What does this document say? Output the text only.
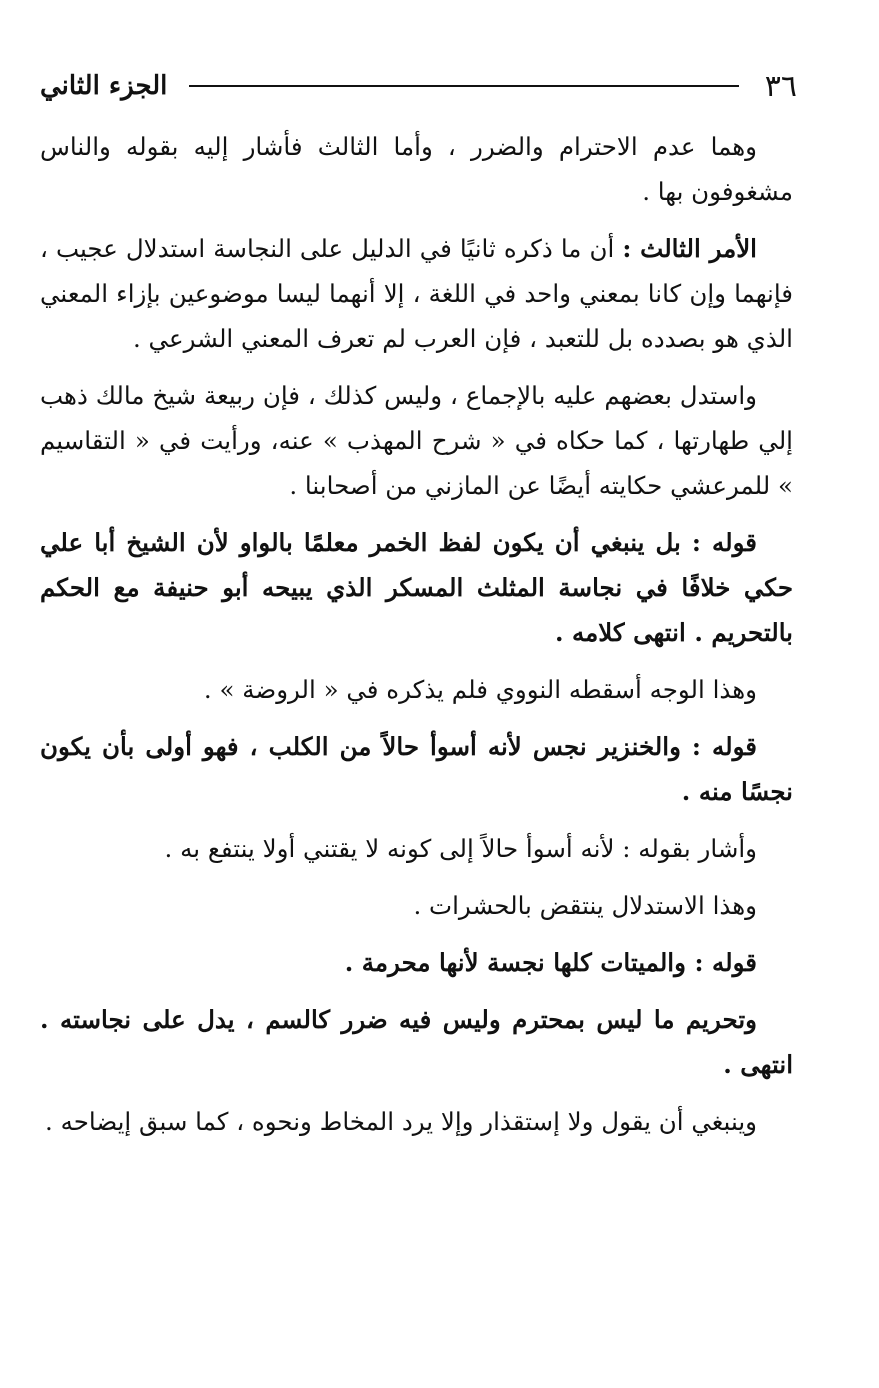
٣٦
الجزء الثاني

وهما عدم الاحترام والضرر ، وأما الثالث فأشار إليه بقوله والناس مشغوفون بها .

الأمر الثالث : أن ما ذكره ثانيًا في الدليل على النجاسة استدلال عجيب ، فإنهما وإن كانا بمعني واحد في اللغة ، إلا أنهما ليسا موضوعين بإزاء المعني الذي هو بصدده بل للتعبد ، فإن العرب لم تعرف المعني الشرعي .

واستدل بعضهم عليه بالإجماع ، وليس كذلك ، فإن ربيعة شيخ مالك ذهب إلي طهارتها ، كما حكاه في « شرح المهذب » عنه، ورأيت في « التقاسيم » للمرعشي حكايته أيضًا عن المازني من أصحابنا .

قوله : بل ينبغي أن يكون لفظ الخمر معلمًا بالواو لأن الشيخ أبا علي حكي خلافًا في نجاسة المثلث المسكر الذي يبيحه أبو حنيفة مع الحكم بالتحريم . انتهى كلامه .

وهذا الوجه أسقطه النووي فلم يذكره في « الروضة » .

قوله : والخنزير نجس لأنه أسوأ حالاً من الكلب ، فهو أولى بأن يكون نجسًا منه .

وأشار بقوله : لأنه أسوأ حالاً إلى كونه لا يقتني أولا ينتفع به .

وهذا الاستدلال ينتقض بالحشرات .

قوله : والميتات كلها نجسة لأنها محرمة .

وتحريم ما ليس بمحترم وليس فيه ضرر كالسم ، يدل على نجاسته . انتهى .

وينبغي أن يقول ولا إستقذار وإلا يرد المخاط ونحوه ، كما سبق إيضاحه .
